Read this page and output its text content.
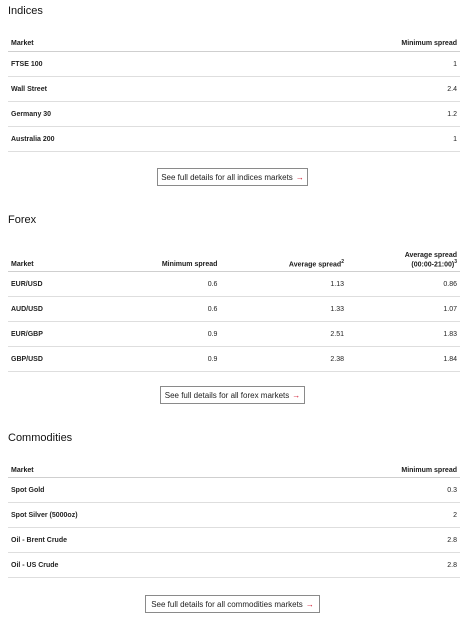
Indices
Market	Minimum spread
FTSE 100	1
Wall Street	2.4
Germany 30	1.2
Australia 200	1
See full details for all indices markets →
Forex
Market	Minimum spread	Average spread$^2$	Average spread
(00:00-21:00)$^3$
EUR/USD	0.6	1.13	0.86
AUD/USD	0.6	1.33	1.07
EUR/GBP	0.9	2.51	1.83
GBP/USD	0.9	2.38	1.84
See full details for all forex markets →
Commodities
Market	Minimum spread
Spot Gold	0.3
Spot Silver (5000oz)	2
Oil - Brent Crude	2.8
Oil - US Crude	2.8
See full details for all commodities markets →
